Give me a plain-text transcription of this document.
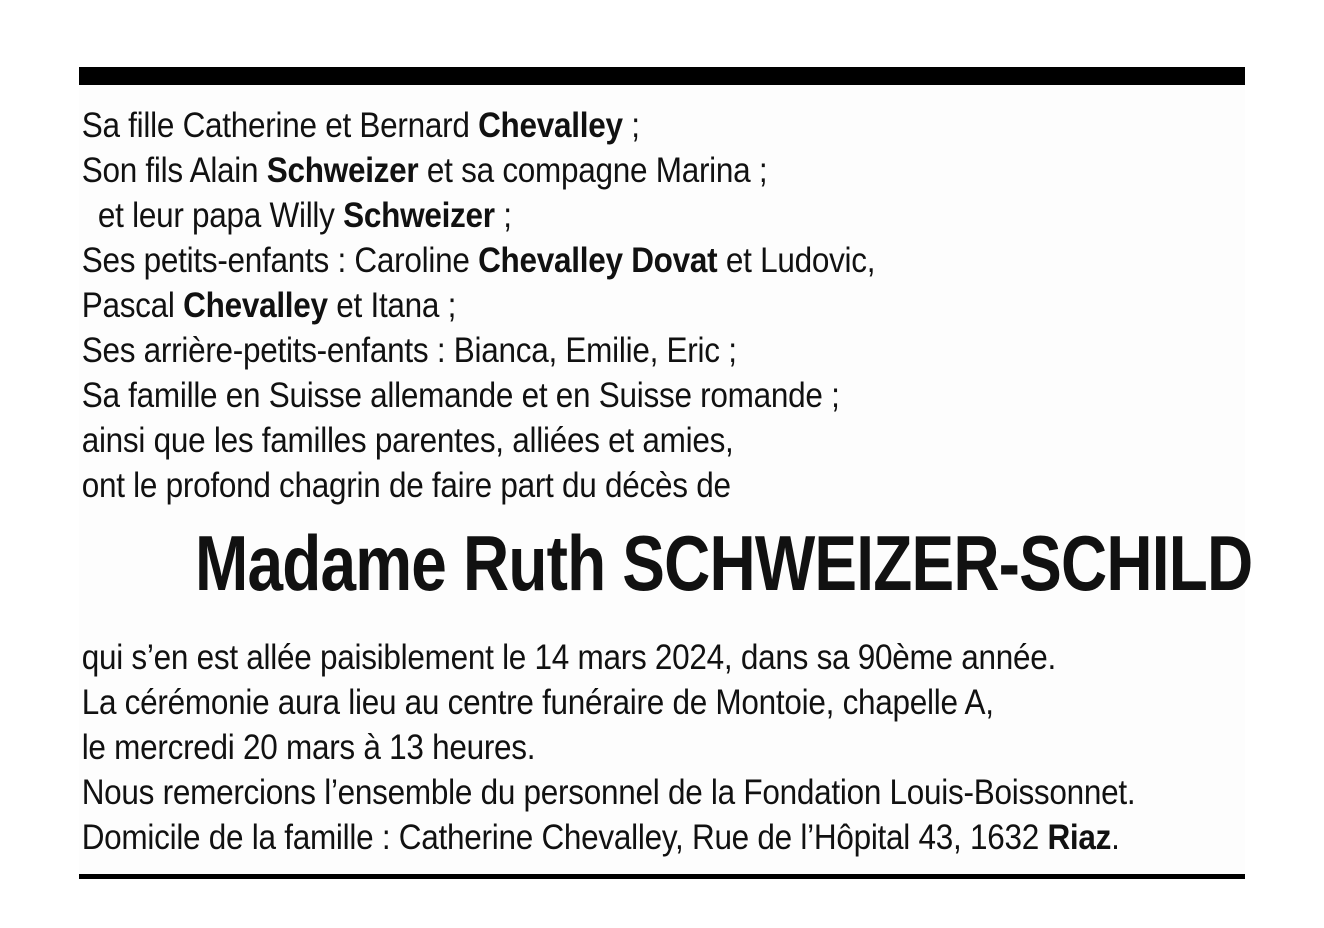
Sa fille Catherine et Bernard Chevalley ;
Son fils Alain Schweizer et sa compagne Marina ;
et leur papa Willy Schweizer ;
Ses petits-enfants : Caroline Chevalley Dovat et Ludovic,
Pascal Chevalley et Itana ;
Ses arrière-petits-enfants : Bianca, Emilie, Eric ;
Sa famille en Suisse allemande et en Suisse romande ;
ainsi que les familles parentes, alliées et amies,
ont le profond chagrin de faire part du décès de
Madame Ruth SCHWEIZER-SCHILD
qui s’en est allée paisiblement le 14 mars 2024, dans sa 90ème année.
La cérémonie aura lieu au centre funéraire de Montoie, chapelle A,
le mercredi 20 mars à 13 heures.
Nous remercions l’ensemble du personnel de la Fondation Louis-Boissonnet.
Domicile de la famille : Catherine Chevalley, Rue de l’Hôpital 43, 1632 Riaz.
